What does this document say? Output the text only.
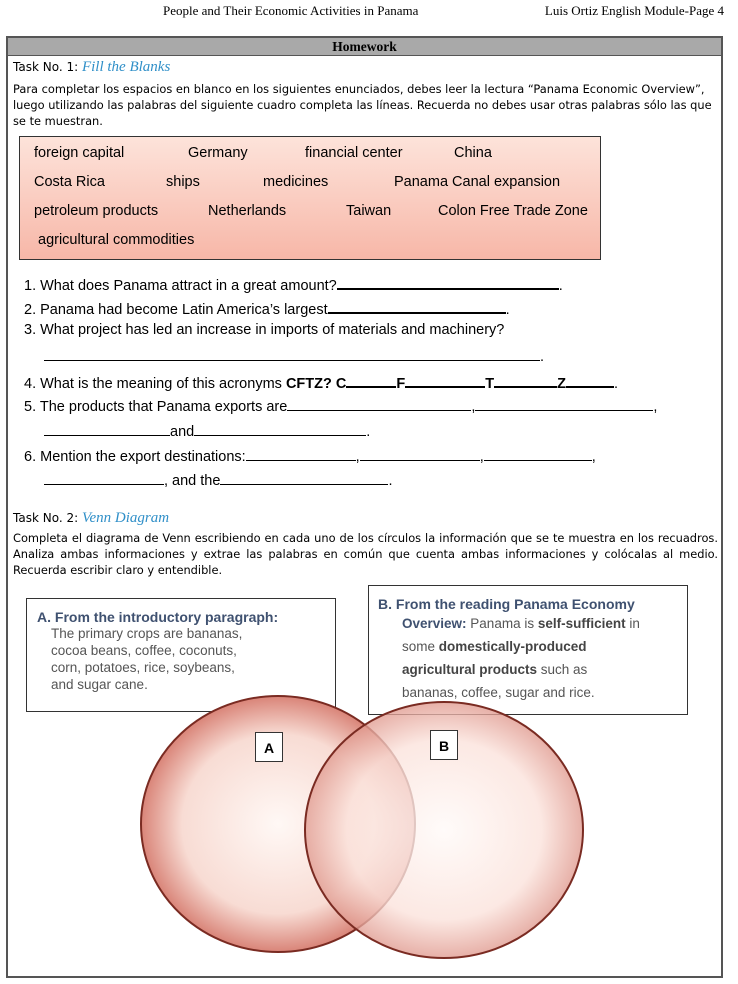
People and Their Economic Activities in Panama	Luis Ortiz English Module-Page 4
Homework
Task No. 1: Fill the Blanks
Para completar los espacios en blanco en los siguientes enunciados, debes leer la lectura “Panama Economic Overview”, luego utilizando las palabras del siguiente cuadro completa las líneas. Recuerda no debes usar otras palabras sólo las que se te muestran.
foreign capital	Germany	financial center	China
Costa Rica	ships	medicines	Panama Canal expansion
petroleum products	Netherlands	Taiwan	Colon Free Trade Zone
agricultural commodities
1. What does Panama attract in a great amount?	.
2. Panama had become Latin America’s largest	.
3. What project has led an increase in imports of materials and machinery?
.
4. What is the meaning of this acronyms CFTZ? C	F	T	Z	.
5. The products that Panama exports are	,	,
and	.
6. Mention the export destinations:	,	,	,
, and the	.
Task No. 2: Venn Diagram
Completa el diagrama de Venn escribiendo en cada uno de los círculos la información que se te muestra en los recuadros. Analiza ambas informaciones y extrae las palabras en común que cuenta ambas informaciones y colócalas al medio. Recuerda escribir claro y entendible.
A. From the introductory paragraph:

The primary crops are bananas,

cocoa beans, coffee, coconuts,

corn, potatoes, rice, soybeans,

and sugar cane.

B. From the reading Panama Economy

Overview: Panama is self-sufficient in

some domestically-produced

agricultural products such as

bananas, coffee, sugar and rice.

A	B
